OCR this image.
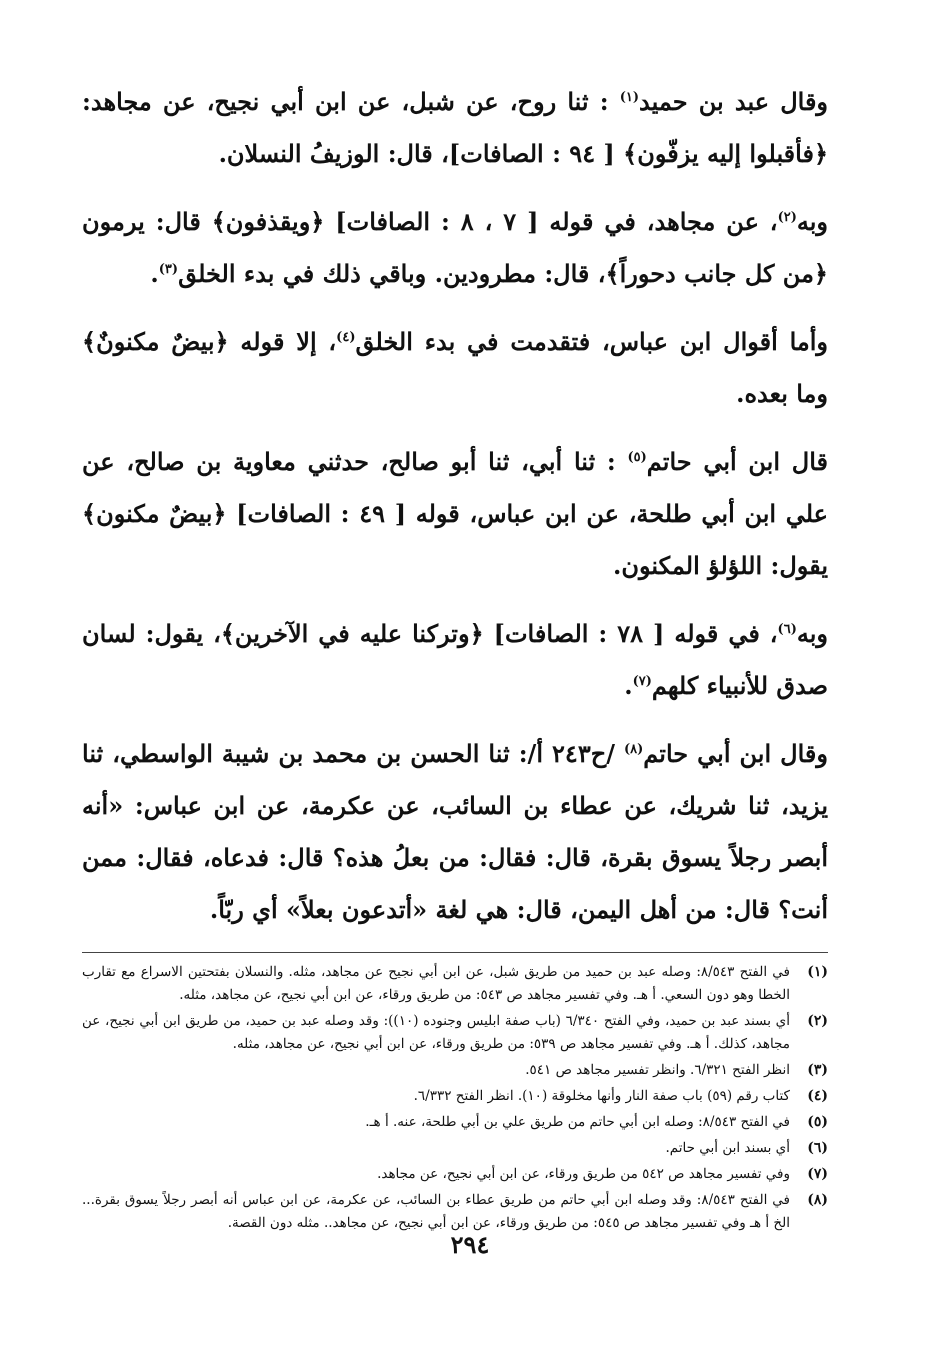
وقال عبد بن حميد$^{(١)}$ : ثنا روح، عن شبل، عن ابن أبي نجيح، عن مجاهد: ﴿فأقبلوا إليه يزفّون﴾ [ ٩٤ : الصافات]، قال: الوزيفُ النسلان.

وبه$^{(٢)}$، عن مجاهد، في قوله [ ٧ ، ٨ : الصافات] ﴿ويقذفون﴾ قال: يرمون ﴿من كل جانب دحوراً﴾، قال: مطرودين. وباقي ذلك في بدء الخلق$^{(٣)}$.

وأما أقوال ابن عباس، فتقدمت في بدء الخلق$^{(٤)}$، إلا قوله ﴿بيضٌ مكنونٌ﴾ وما بعده.

قال ابن أبي حاتم$^{(٥)}$ : ثنا أبي، ثنا أبو صالح، حدثني معاوية بن صالح، عن علي ابن أبي طلحة، عن ابن عباس، قوله [ ٤٩ : الصافات] ﴿بيضٌ مكنون﴾ يقول: اللؤلؤ المكنون.

وبه$^{(٦)}$، في قوله [ ٧٨ : الصافات] ﴿وتركنا عليه في الآخرين﴾، يقول: لسان صدق للأنبياء كلهم$^{(٧)}$.

وقال ابن أبي حاتم$^{(٨)}$ /ح٢٤٣ أ/: ثنا الحسن بن محمد بن شيبة الواسطي، ثنا يزيد، ثنا شريك، عن عطاء بن السائب، عن عكرمة، عن ابن عباس: «أنه أبصر رجلاً يسوق بقرة، قال: فقال: من بعلُ هذه؟ قال: فدعاه، فقال: ممن أنت؟ قال: من أهل اليمن، قال: هي لغة «أتدعون بعلاً» أي ربّاً.

(١)
في الفتح ٨/٥٤٣: وصله عبد بن حميد من طريق شبل، عن ابن أبي نجيح عن مجاهد، مثله. والنسلان بفتحتين الاسراع مع تقارب الخطا وهو دون السعي. أ هـ. وفي تفسير مجاهد ص ٥٤٣: من طريق ورقاء، عن ابن أبي نجيح، عن مجاهد، مثله.
(٢)
أي بسند عبد بن حميد، وفي الفتح ٦/٣٤٠ (باب صفة ابليس وجنوده (١٠)): وقد وصله عبد بن حميد، من طريق ابن أبي نجيح، عن مجاهد، كذلك. أ هـ. وفي تفسير مجاهد ص ٥٣٩: من طريق ورقاء، عن ابن أبي نجيح، عن مجاهد، مثله.
(٣)
انظر الفتح ٦/٣٢١. وانظر تفسير مجاهد ص ٥٤١.
(٤)
كتاب رقم (٥٩) باب صفة النار وأنها مخلوقة (١٠). انظر الفتح ٦/٣٣٢.
(٥)
في الفتح ٨/٥٤٣: وصله ابن أبي حاتم من طريق علي بن أبي طلحة، عنه. أ هـ.
(٦)
أي بسند ابن أبي حاتم.
(٧)
وفي تفسير مجاهد ص ٥٤٢ من طريق ورقاء، عن ابن أبي نجيح، عن مجاهد.
(٨)
في الفتح ٨/٥٤٣: وقد وصله ابن أبي حاتم من طريق عطاء بن السائب، عن عكرمة، عن ابن عباس أنه أبصر رجلاً يسوق بقرة... الخ أ هـ وفي تفسير مجاهد ص ٥٤٥: من طريق ورقاء، عن ابن أبي نجيح، عن مجاهد.. مثله دون القصة.
٢٩٤
